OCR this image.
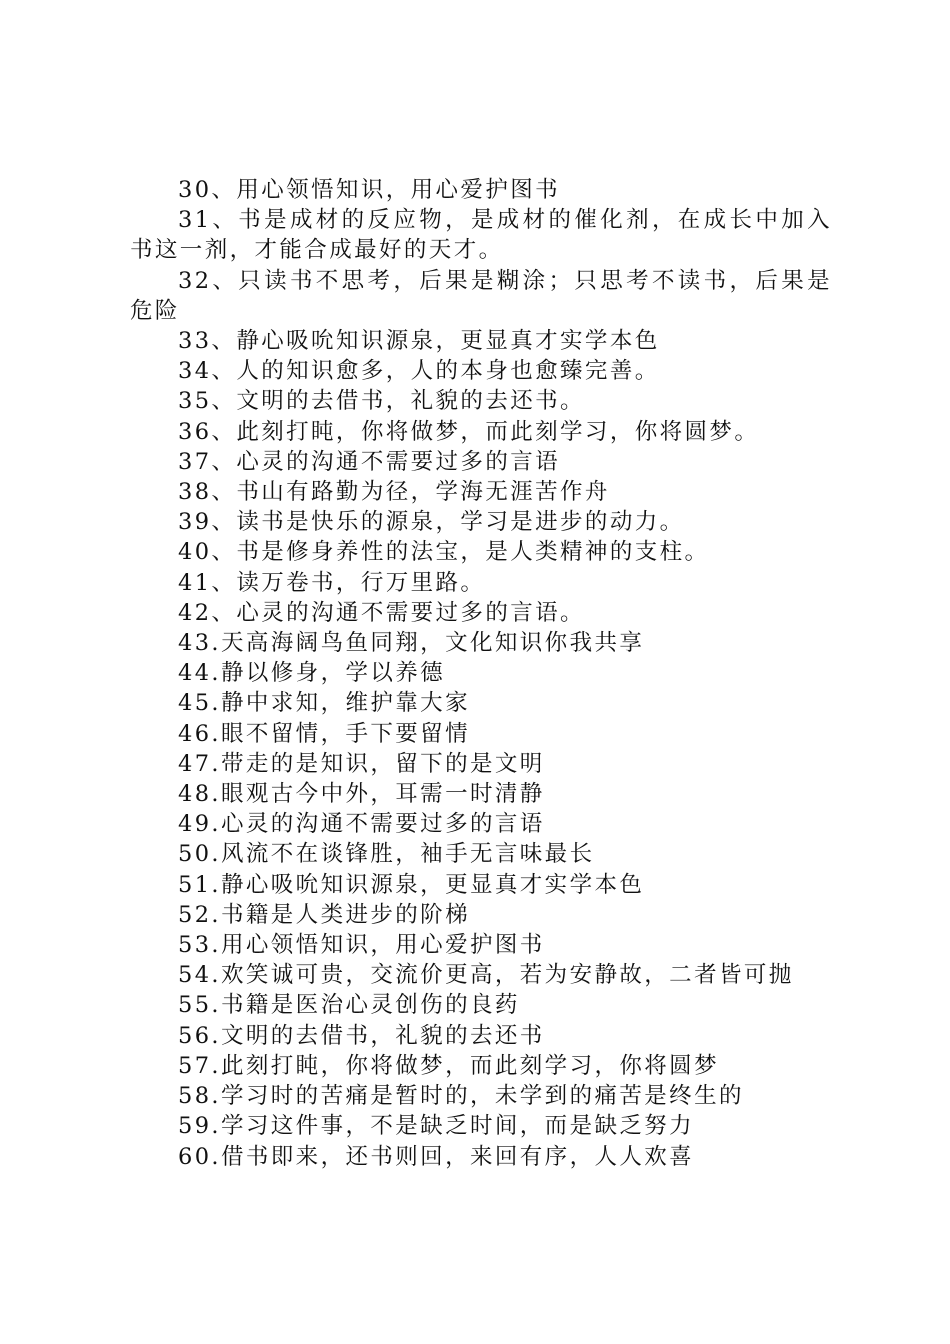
30、用心领悟知识，用心爱护图书

31、书是成材的反应物，是成材的催化剂，在成长中加入书这一剂，才能合成最好的天才。

32、只读书不思考，后果是糊涂；只思考不读书，后果是危险

33、静心吸吮知识源泉，更显真才实学本色

34、人的知识愈多，人的本身也愈臻完善。

35、文明的去借书，礼貌的去还书。

36、此刻打盹，你将做梦，而此刻学习，你将圆梦。

37、心灵的沟通不需要过多的言语

38、书山有路勤为径，学海无涯苦作舟

39、读书是快乐的源泉，学习是进步的动力。

40、书是修身养性的法宝，是人类精神的支柱。

41、读万卷书，行万里路。

42、心灵的沟通不需要过多的言语。

43.天高海阔鸟鱼同翔，文化知识你我共享

44.静以修身，学以养德

45.静中求知，维护靠大家

46.眼不留情，手下要留情

47.带走的是知识，留下的是文明

48.眼观古今中外，耳需一时清静

49.心灵的沟通不需要过多的言语

50.风流不在谈锋胜，袖手无言味最长

51.静心吸吮知识源泉，更显真才实学本色

52.书籍是人类进步的阶梯

53.用心领悟知识，用心爱护图书

54.欢笑诚可贵，交流价更高，若为安静故，二者皆可抛

55.书籍是医治心灵创伤的良药

56.文明的去借书，礼貌的去还书

57.此刻打盹，你将做梦，而此刻学习，你将圆梦

58.学习时的苦痛是暂时的，未学到的痛苦是终生的

59.学习这件事，不是缺乏时间，而是缺乏努力

60.借书即来，还书则回，来回有序，人人欢喜
